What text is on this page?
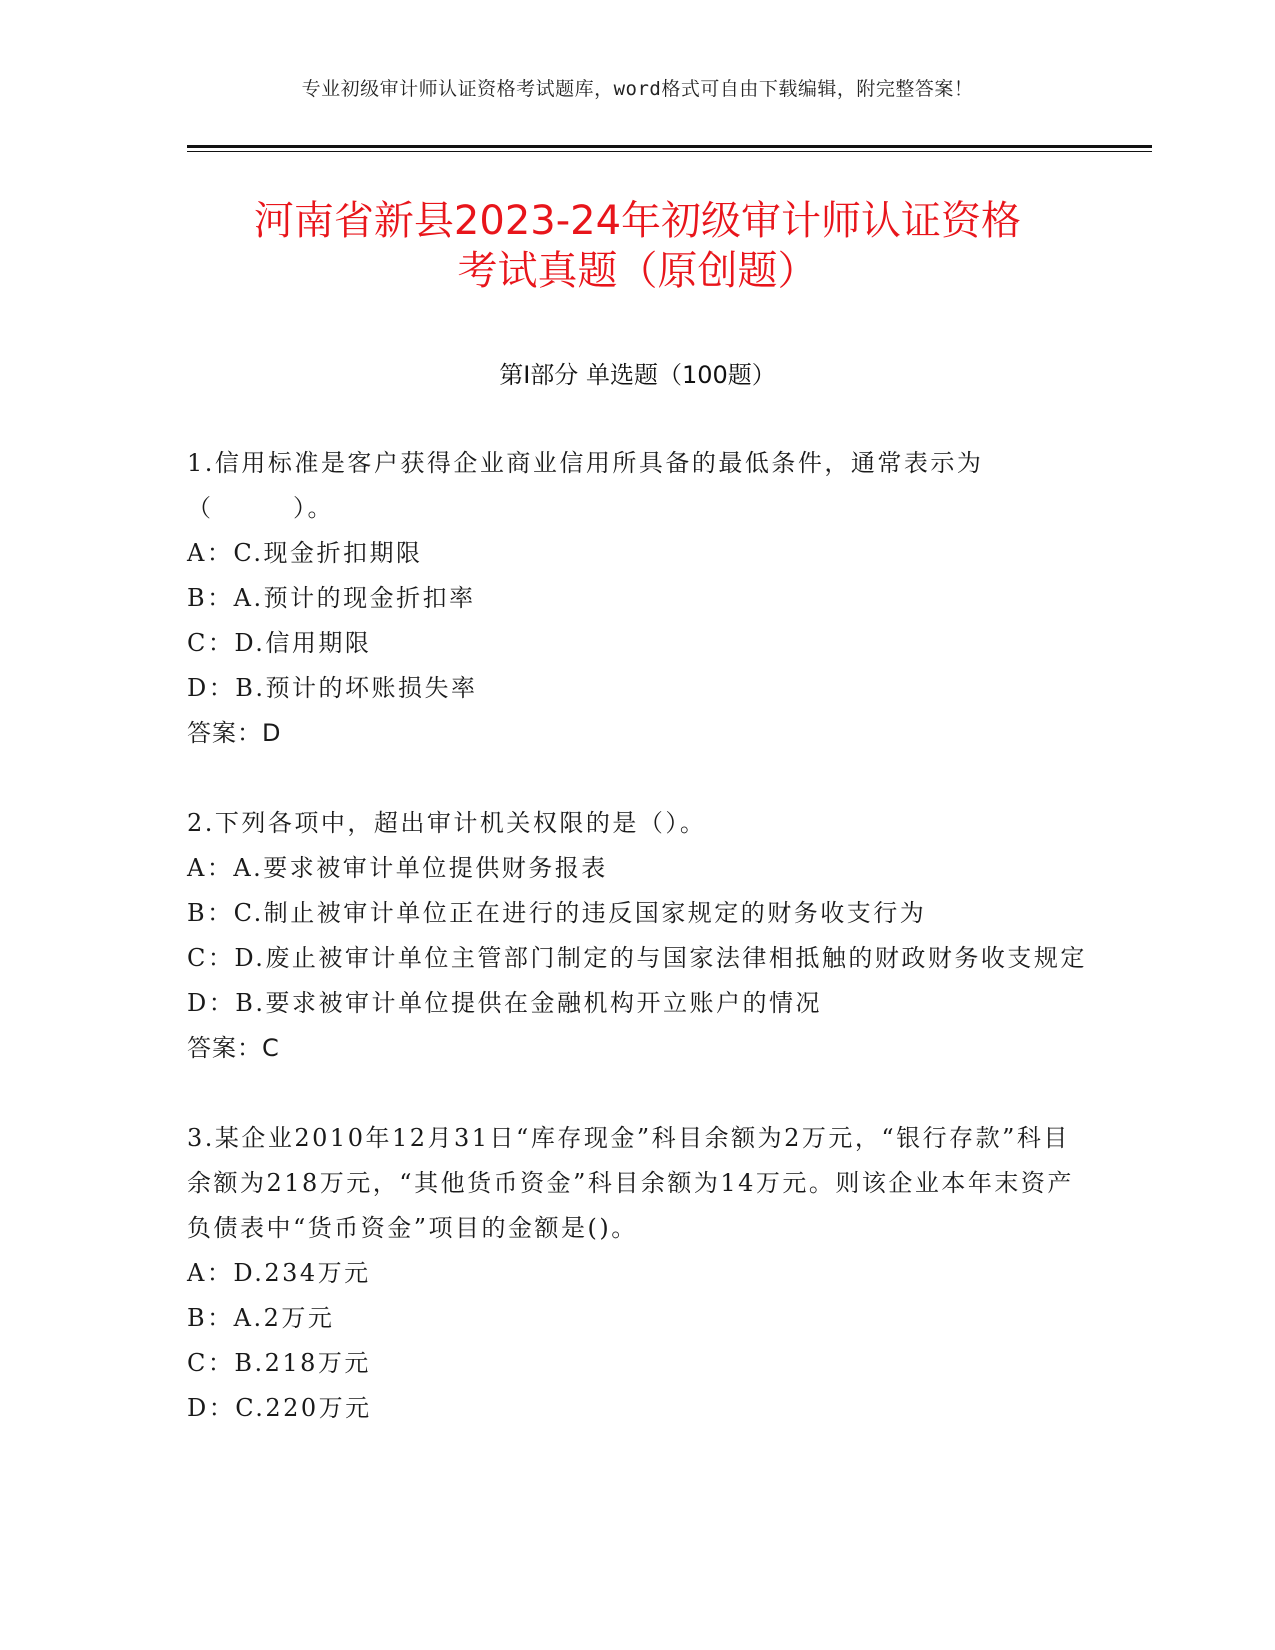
专业初级审计师认证资格考试题库，word格式可自由下载编辑，附完整答案！
河南省新县2023-24年初级审计师认证资格
考试真题（原创题）
第Ⅰ部分 单选题（100题）
1.信用标准是客户获得企业商业信用所具备的最低条件，通常表示为（　　　）。
A：C.现金折扣期限
B：A.预计的现金折扣率
C：D.信用期限
D：B.预计的坏账损失率
答案：D
2.下列各项中，超出审计机关权限的是（）。
A：A.要求被审计单位提供财务报表
B：C.制止被审计单位正在进行的违反国家规定的财务收支行为
C：D.废止被审计单位主管部门制定的与国家法律相抵触的财政财务收支规定
D：B.要求被审计单位提供在金融机构开立账户的情况
答案：C
3.某企业2010年12月31日“库存现金”科目余额为2万元，“银行存款”科目余额为218万元，“其他货币资金”科目余额为14万元。则该企业本年末资产负债表中“货币资金”项目的金额是()。
A：D.234万元
B：A.2万元
C：B.218万元
D：C.220万元
